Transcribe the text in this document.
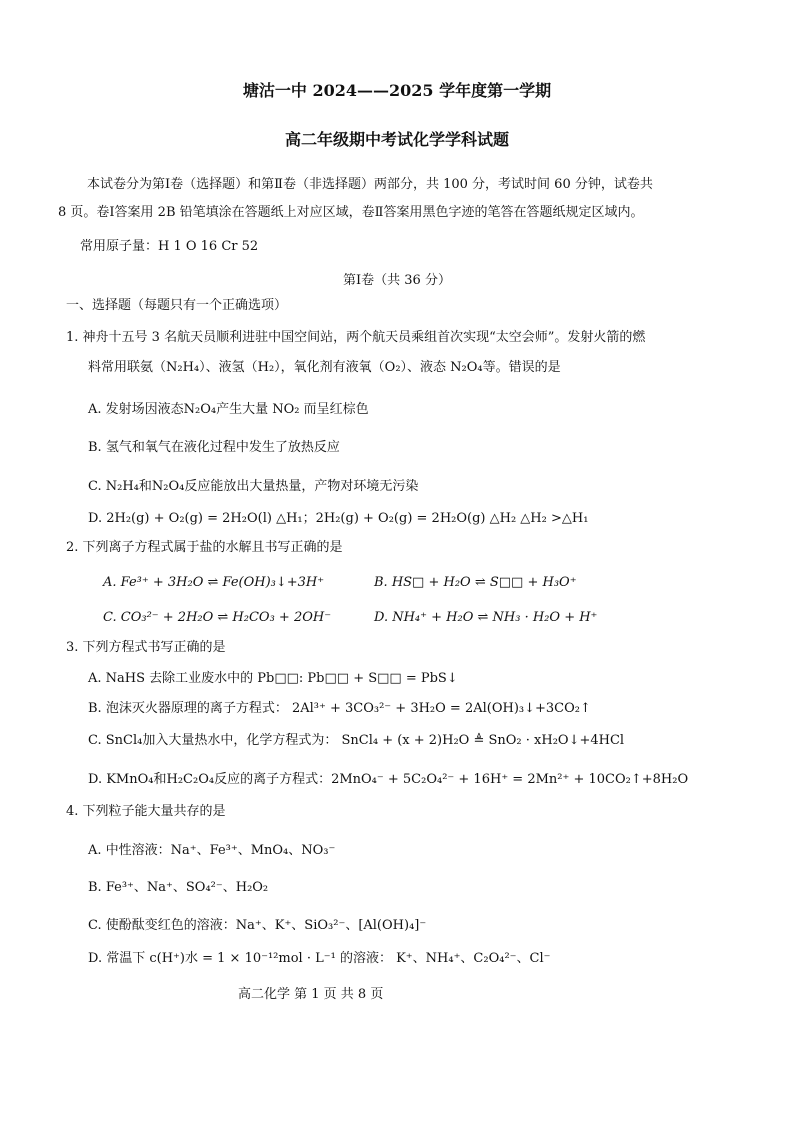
塘沽一中 2024——2025 学年度第一学期
高二年级期中考试化学学科试题
本试卷分为第Ⅰ卷（选择题）和第Ⅱ卷（非选择题）两部分，共 100 分，考试时间 60 分钟，试卷共
8 页。卷Ⅰ答案用 2B 铅笔填涂在答题纸上对应区域，卷Ⅱ答案用黑色字迹的笔答在答题纸规定区域内。
常用原子量：H 1 O 16 Cr 52
第Ⅰ卷（共 36 分）
一、选择题（每题只有一个正确选项）
1. 神舟十五号 3 名航天员顺利进驻中国空间站，两个航天员乘组首次实现“太空会师”。发射火箭的燃
料常用联氨（N₂H₄）、液氢（H₂），氧化剂有液氧（O₂）、液态 N₂O₄等。错误的是
A. 发射场因液态N₂O₄产生大量 NO₂ 而呈红棕色
B. 氢气和氧气在液化过程中发生了放热反应
C. N₂H₄和N₂O₄反应能放出大量热量，产物对环境无污染
D. 2H₂(g) + O₂(g) = 2H₂O(l) △H₁；2H₂(g) + O₂(g) = 2H₂O(g) △H₂ △H₂ >△H₁
2. 下列离子方程式属于盐的水解且书写正确的是
A. Fe³⁺ + 3H₂O ⇌ Fe(OH)₃↓+3H⁺	B. HS□ + H₂O ⇌ S□□ + H₃O⁺
C. CO₃²⁻ + 2H₂O ⇌ H₂CO₃ + 2OH⁻	D. NH₄⁺ + H₂O ⇌ NH₃ · H₂O + H⁺
3. 下列方程式书写正确的是
A. NaHS 去除工业废水中的 Pb□□: Pb□□ + S□□ = PbS↓
B. 泡沫灭火器原理的离子方程式： 2Al³⁺ + 3CO₃²⁻ + 3H₂O = 2Al(OH)₃↓+3CO₂↑
C. SnCl₄加入大量热水中，化学方程式为： SnCl₄ + (x + 2)H₂O ≜ SnO₂ · xH₂O↓+4HCl
D. KMnO₄和H₂C₂O₄反应的离子方程式：2MnO₄⁻ + 5C₂O₄²⁻ + 16H⁺ = 2Mn²⁺ + 10CO₂↑+8H₂O
4. 下列粒子能大量共存的是
A. 中性溶液：Na⁺、Fe³⁺、MnO₄、NO₃⁻
B. Fe³⁺、Na⁺、SO₄²⁻、H₂O₂
C. 使酚酞变红色的溶液：Na⁺、K⁺、SiO₃²⁻、[Al(OH)₄]⁻
D. 常温下 c(H⁺)水 = 1 × 10⁻¹²mol · L⁻¹ 的溶液： K⁺、NH₄⁺、C₂O₄²⁻、Cl⁻
高二化学 第 1 页 共 8 页
